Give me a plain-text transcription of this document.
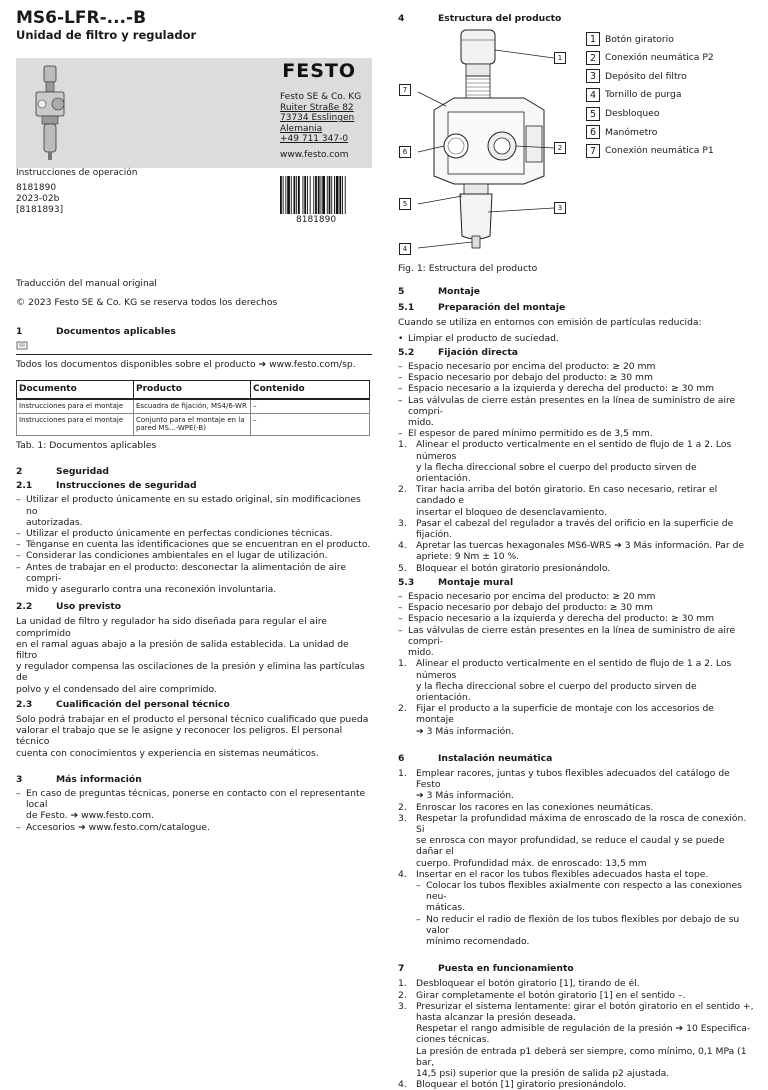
MS6-LFR-...-B
Unidad de filtro y regulador
FESTO
Festo SE & Co. KG
Ruiter Straße 82
73734 Esslingen
Alemania
+49 711 347-0
www.festo.com
Instrucciones de operación
8181890
2023-02b
[8181893]
8181890
Traducción del manual original
© 2023 Festo SE & Co. KG se reserva todos los derechos
1	Documentos aplicables
Todos los documentos disponibles sobre el producto ➔ www.festo.com/sp.
Documento	Producto	Contenido
Instrucciones para el montaje	Escuadra de fijación, MS4/6-WR	–
Instrucciones para el montaje	Conjunto para el montaje en la pared MS...-WPE(-B)	–
Tab. 1: Documentos aplicables
2	Seguridad
2.1	Instrucciones de seguridad
– Utilizar el producto únicamente en su estado original, sin modificaciones no
autorizadas.
– Utilizar el producto únicamente en perfectas condiciones técnicas.
– Ténganse en cuenta las identificaciones que se encuentran en el producto.
– Considerar las condiciones ambientales en el lugar de utilización.
– Antes de trabajar en el producto: desconectar la alimentación de aire compri-
mido y asegurarlo contra una reconexión involuntaria.
2.2	Uso previsto
La unidad de filtro y regulador ha sido diseñada para regular el aire comprimido
en el ramal aguas abajo a la presión de salida establecida. La unidad de filtro
y regulador compensa las oscilaciones de la presión y elimina las partículas de
polvo y el condensado del aire comprimido.
2.3	Cualificación del personal técnico
Solo podrá trabajar en el producto el personal técnico cualificado que pueda
valorar el trabajo que se le asigne y reconocer los peligros. El personal técnico
cuenta con conocimientos y experiencia en sistemas neumáticos.
3	Más información
– En caso de preguntas técnicas, ponerse en contacto con el representante local
de Festo. ➔ www.festo.com.
– Accesorios ➔ www.festo.com/catalogue.
4	Estructura del producto
1
7
6	2
5	3
4
1 Botón giratorio
2 Conexión neumática P2
3 Depósito del filtro
4 Tornillo de purga
5 Desbloqueo
6 Manómetro
7 Conexión neumática P1
Fig. 1: Estructura del producto
5	Montaje
5.1	Preparación del montaje
Cuando se utiliza en entornos con emisión de partículas reducida:
• Limpiar el producto de suciedad.
5.2	Fijación directa
– Espacio necesario por encima del producto: ≥ 20 mm
– Espacio necesario por debajo del producto: ≥ 30 mm
– Espacio necesario a la izquierda y derecha del producto: ≥ 30 mm
– Las válvulas de cierre están presentes en la línea de suministro de aire compri-
mido.
– El espesor de pared mínimo permitido es de 3,5 mm.
1.	Alinear el producto verticalmente en el sentido de flujo de 1 a 2. Los números
y la flecha direccional sobre el cuerpo del producto sirven de orientación.
2.	Tirar hacia arriba del botón giratorio. En caso necesario, retirar el candado e
insertar el bloqueo de desenclavamiento.
3.	Pasar el cabezal del regulador a través del orificio en la superficie de fijación.
4.	Apretar las tuercas hexagonales MS6-WRS ➔ 3 Más información. Par de
apriete: 9 Nm ± 10 %.
5.	Bloquear el botón giratorio presionándolo.
5.3	Montaje mural
– Espacio necesario por encima del producto: ≥ 20 mm
– Espacio necesario por debajo del producto: ≥ 30 mm
– Espacio necesario a la izquierda y derecha del producto: ≥ 30 mm
– Las válvulas de cierre están presentes en la línea de suministro de aire compri-
mido.
1.	Alinear el producto verticalmente en el sentido de flujo de 1 a 2. Los números
y la flecha direccional sobre el cuerpo del producto sirven de orientación.
2.	Fijar el producto a la superficie de montaje con los accesorios de montaje
➔ 3 Más información.
6	Instalación neumática
1.	Emplear racores, juntas y tubos flexibles adecuados del catálogo de Festo
➔ 3 Más información.
2.	Enroscar los racores en las conexiones neumáticas.
3.	Respetar la profundidad máxima de enroscado de la rosca de conexión. Si
se enrosca con mayor profundidad, se reduce el caudal y se puede dañar el
cuerpo. Profundidad máx. de enroscado: 13,5 mm
4.	Insertar en el racor los tubos flexibles adecuados hasta el tope.
– Colocar los tubos flexibles axialmente con respecto a las conexiones neu-
máticas.
– No reducir el radio de flexión de los tubos flexibles por debajo de su valor
mínimo recomendado.
7	Puesta en funcionamiento
1.	Desbloquear el botón giratorio [1], tirando de él.
2.	Girar completamente el botón giratorio [1] en el sentido –.
3.	Presurizar el sistema lentamente: girar el botón giratorio en el sentido +,
hasta alcanzar la presión deseada.
Respetar el rango admisible de regulación de la presión ➔ 10 Especifica-
ciones técnicas.
La presión de entrada p1 deberá ser siempre, como mínimo, 0,1 MPa (1 bar,
14,5 psi) superior que la presión de salida p2 ajustada.
4.	Bloquear el botón [1] giratorio presionándolo.
